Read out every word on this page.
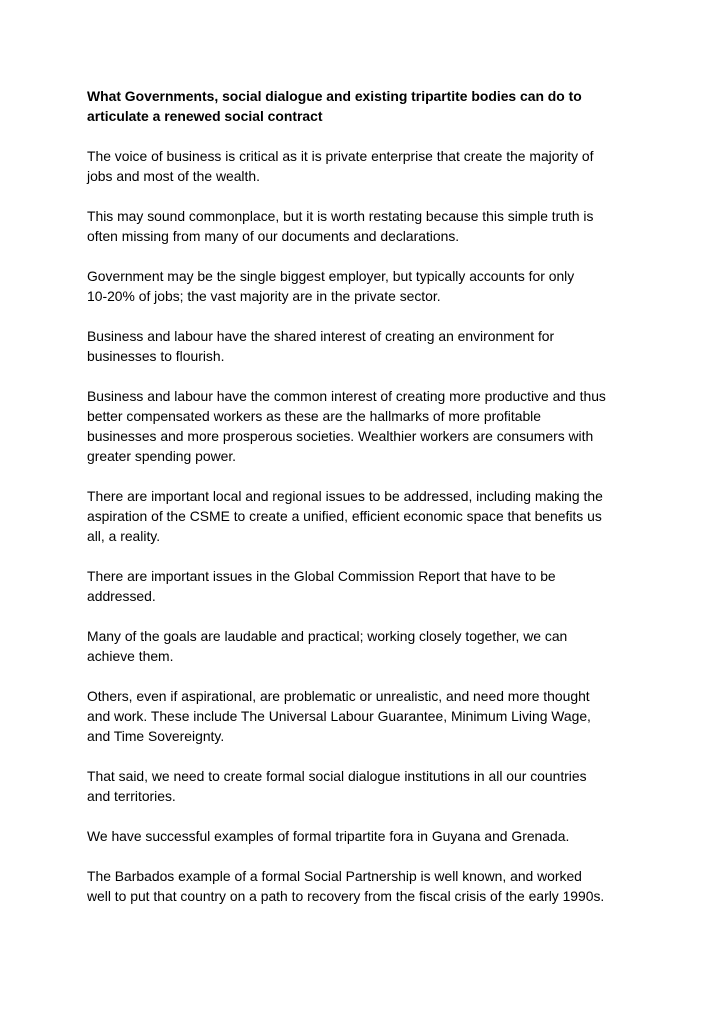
What Governments, social dialogue and existing tripartite bodies can do to
articulate a renewed social contract

The voice of business is critical as it is private enterprise that create the majority of
jobs and most of the wealth.

This may sound commonplace, but it is worth restating because this simple truth is
often missing from many of our documents and declarations.

Government may be the single biggest employer, but typically accounts for only
10-20% of jobs; the vast majority are in the private sector.

Business and labour have the shared interest of creating an environment for
businesses to flourish.

Business and labour have the common interest of creating more productive and thus
better compensated workers as these are the hallmarks of more profitable
businesses and more prosperous societies. Wealthier workers are consumers with
greater spending power.

There are important local and regional issues to be addressed, including making the
aspiration of the CSME to create a unified, efficient economic space that benefits us
all, a reality.

There are important issues in the Global Commission Report that have to be
addressed.

Many of the goals are laudable and practical; working closely together, we can
achieve them.

Others, even if aspirational, are problematic or unrealistic, and need more thought
and work. These include The Universal Labour Guarantee, Minimum Living Wage,
and Time Sovereignty.

That said, we need to create formal social dialogue institutions in all our countries
and territories.

We have successful examples of formal tripartite fora in Guyana and Grenada.

The Barbados example of a formal Social Partnership is well known, and worked
well to put that country on a path to recovery from the fiscal crisis of the early 1990s.
